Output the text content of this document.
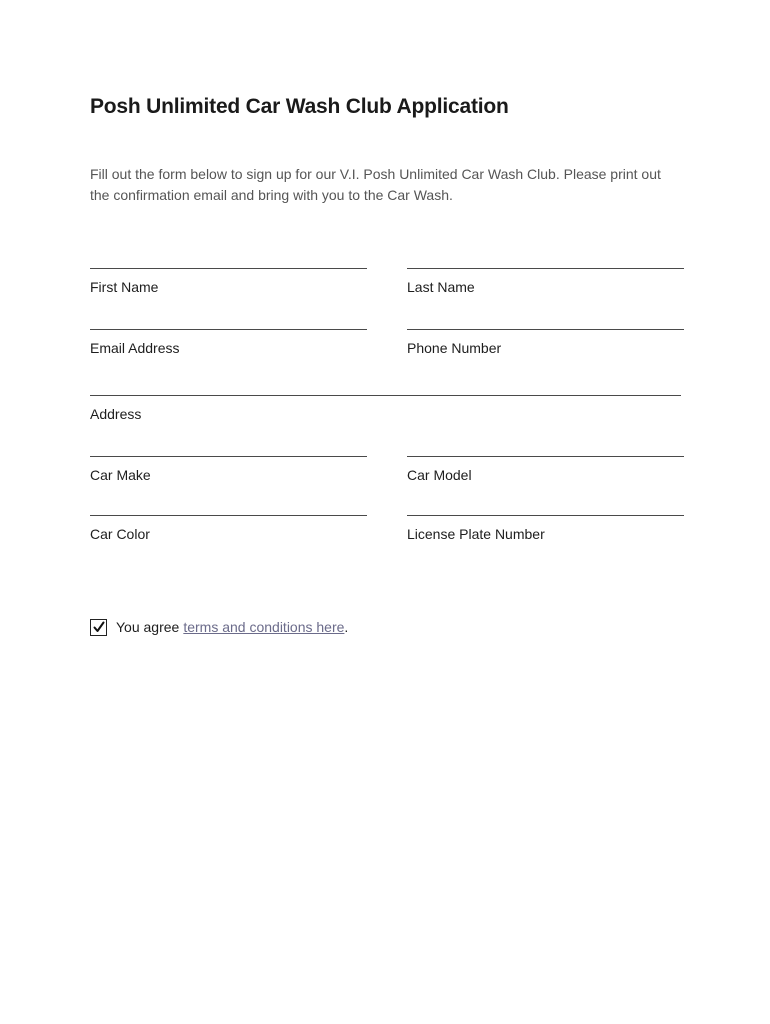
Posh Unlimited Car Wash Club Application
Fill out the form below to sign up for our V.I. Posh Unlimited Car Wash Club. Please print out the confirmation email and bring with you to the Car Wash.
First Name	Last Name
Email Address	Phone Number
Address
Car Make	Car Model
Car Color	License Plate Number
You agree terms and conditions here .
